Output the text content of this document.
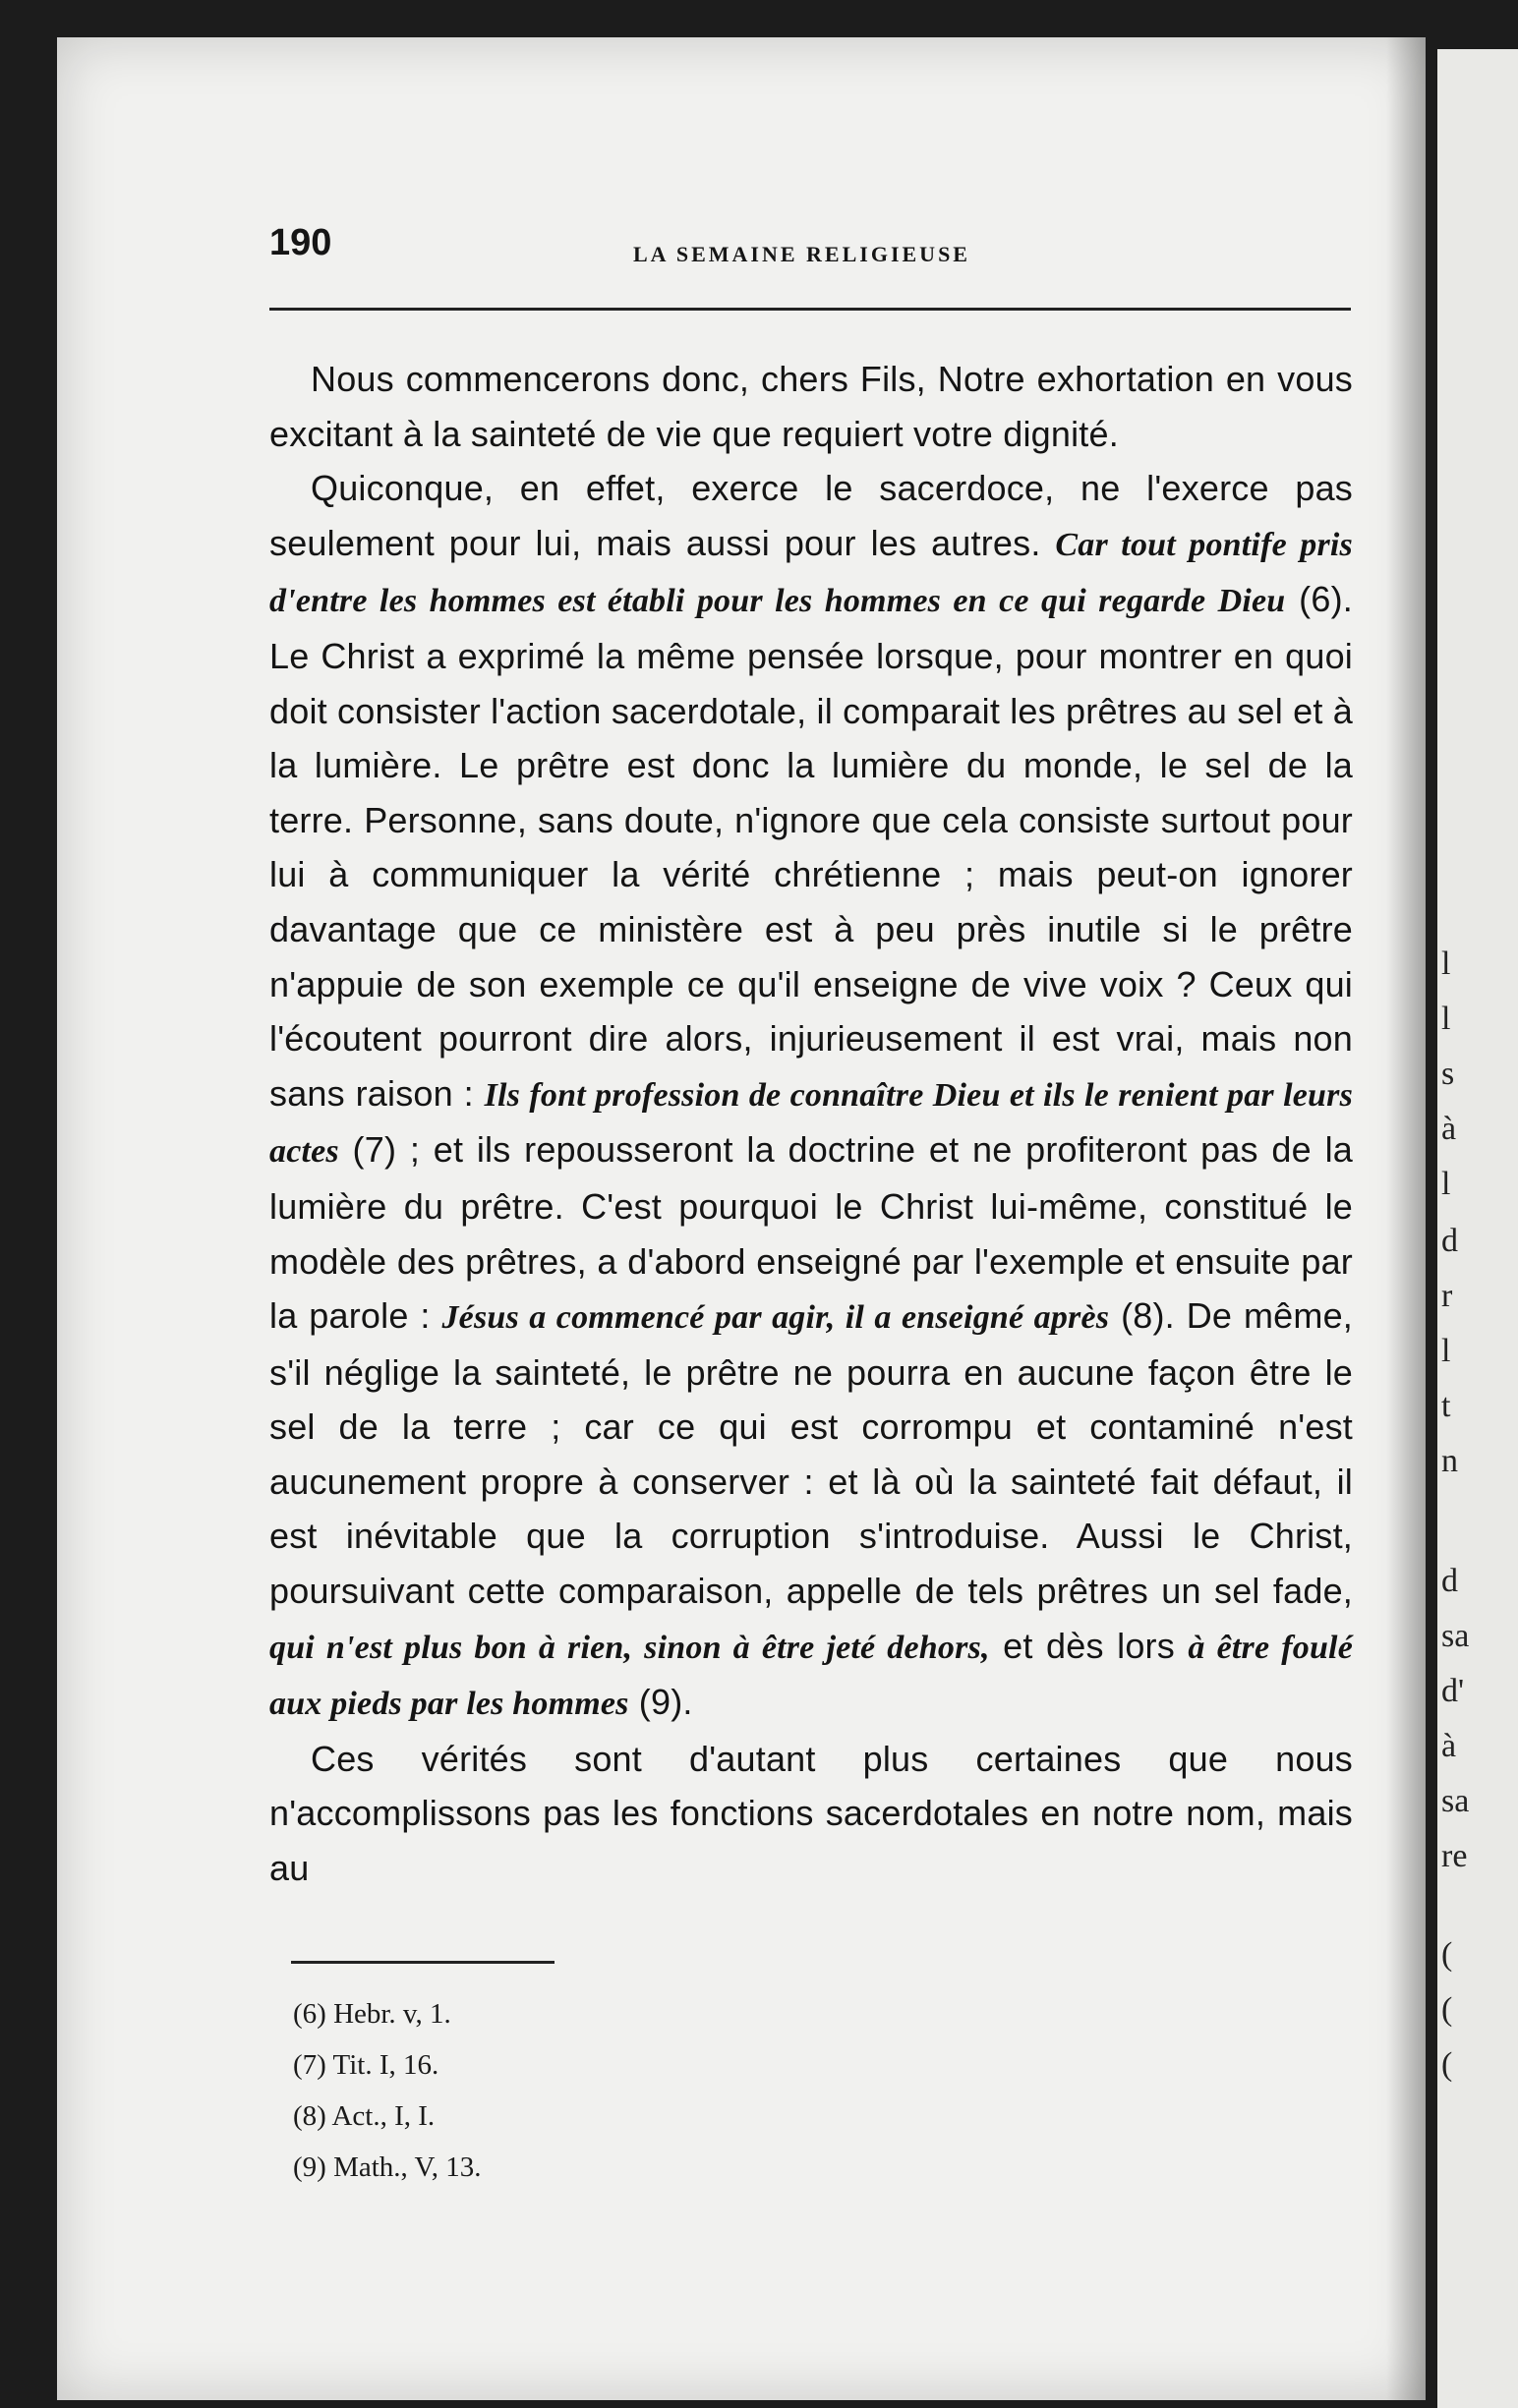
l
l
s
à
l
d
r
l
t
n
d
sa
d'
à
sa
re
(
(
(
190	LA SEMAINE RELIGIEUSE

Nous commencerons donc, chers Fils, Notre exhortation en vous excitant à la sainteté de vie que requiert votre dignité.

Quiconque, en effet, exerce le sacerdoce, ne l'exerce pas seulement pour lui, mais aussi pour les autres. Car tout pontife pris d'entre les hommes est établi pour les hommes en ce qui regarde Dieu (6). Le Christ a exprimé la même pensée lorsque, pour montrer en quoi doit consister l'action sacerdotale, il comparait les prêtres au sel et à la lumière. Le prêtre est donc la lumière du monde, le sel de la terre. Personne, sans doute, n'ignore que cela consiste surtout pour lui à communiquer la vérité chrétienne ; mais peut-on ignorer davantage que ce ministère est à peu près inutile si le prêtre n'appuie de son exemple ce qu'il enseigne de vive voix ? Ceux qui l'écoutent pourront dire alors, injurieusement il est vrai, mais non sans raison : Ils font profession de connaître Dieu et ils le renient par leurs actes (7) ; et ils repousseront la doctrine et ne profiteront pas de la lumière du prêtre. C'est pourquoi le Christ lui-même, constitué le modèle des prêtres, a d'abord enseigné par l'exemple et ensuite par la parole : Jésus a commencé par agir, il a enseigné après (8). De même, s'il néglige la sainteté, le prêtre ne pourra en aucune façon être le sel de la terre ; car ce qui est corrompu et contaminé n'est aucunement propre à conserver : et là où la sainteté fait défaut, il est inévitable que la corruption s'introduise. Aussi le Christ, poursuivant cette comparaison, appelle de tels prêtres un sel fade, qui n'est plus bon à rien, sinon à être jeté dehors, et dès lors à être foulé aux pieds par les hommes (9).

Ces vérités sont d'autant plus certaines que nous n'accomplissons pas les fonctions sacerdotales en notre nom, mais au

(6) Hebr. v, 1.
(7) Tit. I, 16.
(8) Act., I, I.
(9) Math., V, 13.
